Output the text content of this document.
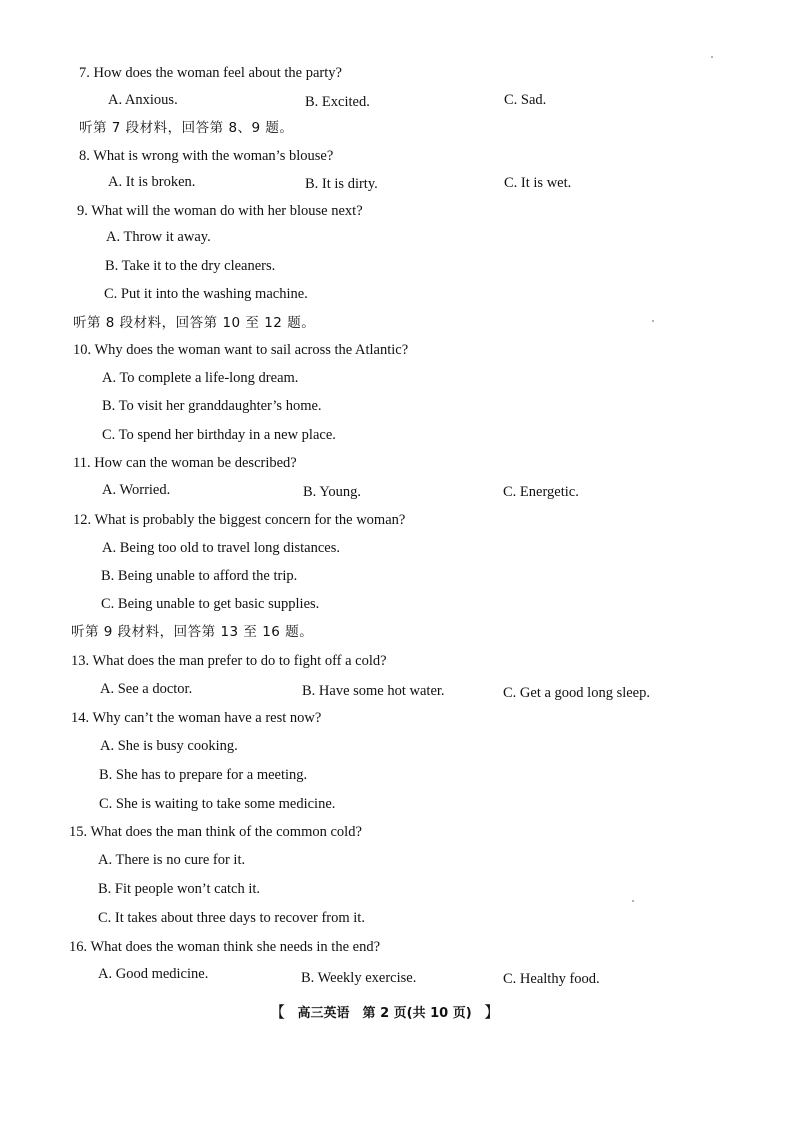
7. How does the woman feel about the party?
A. Anxious.	B. Excited.	C. Sad.
听第 7 段材料，回答第 8、9 题。
8. What is wrong with the woman’s blouse?
A. It is broken.	B. It is dirty.	C. It is wet.
9. What will the woman do with her blouse next?
A. Throw it away.
B. Take it to the dry cleaners.
C. Put it into the washing machine.
听第 8 段材料，回答第 10 至 12 题。
10. Why does the woman want to sail across the Atlantic?
A. To complete a life-long dream.
B. To visit her granddaughter’s home.
C. To spend her birthday in a new place.
11. How can the woman be described?
A. Worried.	B. Young.	C. Energetic.
12. What is probably the biggest concern for the woman?
A. Being too old to travel long distances.
B. Being unable to afford the trip.
C. Being unable to get basic supplies.
听第 9 段材料，回答第 13 至 16 题。
13. What does the man prefer to do to fight off a cold?
A. See a doctor.	B. Have some hot water.	C. Get a good long sleep.
14. Why can’t the woman have a rest now?
A. She is busy cooking.
B. She has to prepare for a meeting.
C. She is waiting to take some medicine.
15. What does the man think of the common cold?
A. There is no cure for it.
B. Fit people won’t catch it.
C. It takes about three days to recover from it.
16. What does the woman think she needs in the end?
A. Good medicine.	B. Weekly exercise.	C. Healthy food.
【 高三英语　第 2 页(共 10 页) 】
